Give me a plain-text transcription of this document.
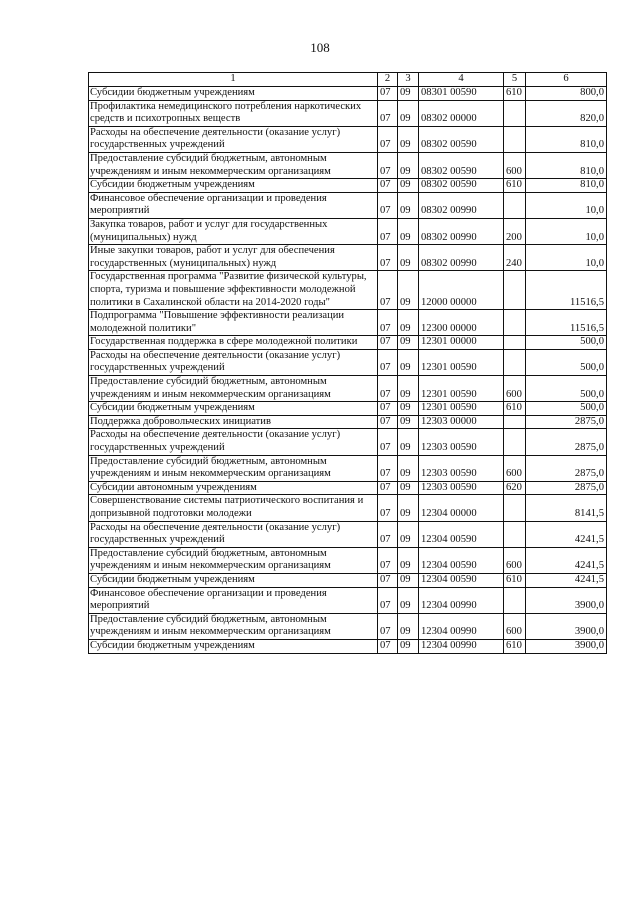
108
1	2	3	4	5	6
Субсидии бюджетным учреждениям	07	09	08301 00590	610	800,0
Профилактика немедицинского потребления наркотических средств и психотропных веществ	07	09	08302 00000		820,0
Расходы на обеспечение деятельности (оказание услуг) государственных учреждений	07	09	08302 00590		810,0
Предоставление субсидий бюджетным, автономным учреждениям и иным некоммерческим организациям	07	09	08302 00590	600	810,0
Субсидии бюджетным учреждениям	07	09	08302 00590	610	810,0
Финансовое обеспечение организации и проведения мероприятий	07	09	08302 00990		10,0
Закупка товаров, работ и услуг для государственных (муниципальных) нужд	07	09	08302 00990	200	10,0
Иные закупки товаров, работ и услуг для обеспечения государственных (муниципальных) нужд	07	09	08302 00990	240	10,0
Государственная программа "Развитие физической культуры, спорта, туризма и повышение эффективности молодежной политики в Сахалинской области на 2014-2020 годы"	07	09	12000 00000		11516,5
Подпрограмма "Повышение эффективности реализации молодежной политики"	07	09	12300 00000		11516,5
Государственная поддержка в сфере молодежной политики	07	09	12301 00000		500,0
Расходы на обеспечение деятельности (оказание услуг) государственных учреждений	07	09	12301 00590		500,0
Предоставление субсидий бюджетным, автономным учреждениям и иным некоммерческим организациям	07	09	12301 00590	600	500,0
Субсидии бюджетным учреждениям	07	09	12301 00590	610	500,0
Поддержка добровольческих инициатив	07	09	12303 00000		2875,0
Расходы на обеспечение деятельности (оказание услуг) государственных учреждений	07	09	12303 00590		2875,0
Предоставление субсидий бюджетным, автономным учреждениям и иным некоммерческим организациям	07	09	12303 00590	600	2875,0
Субсидии автономным учреждениям	07	09	12303 00590	620	2875,0
Совершенствование системы патриотического воспитания и допризывной подготовки молодежи	07	09	12304 00000		8141,5
Расходы на обеспечение деятельности (оказание услуг) государственных учреждений	07	09	12304 00590		4241,5
Предоставление субсидий бюджетным, автономным учреждениям и иным некоммерческим организациям	07	09	12304 00590	600	4241,5
Субсидии бюджетным учреждениям	07	09	12304 00590	610	4241,5
Финансовое обеспечение организации и проведения мероприятий	07	09	12304 00990		3900,0
Предоставление субсидий бюджетным, автономным учреждениям и иным некоммерческим организациям	07	09	12304 00990	600	3900,0
Субсидии бюджетным учреждениям	07	09	12304 00990	610	3900,0
